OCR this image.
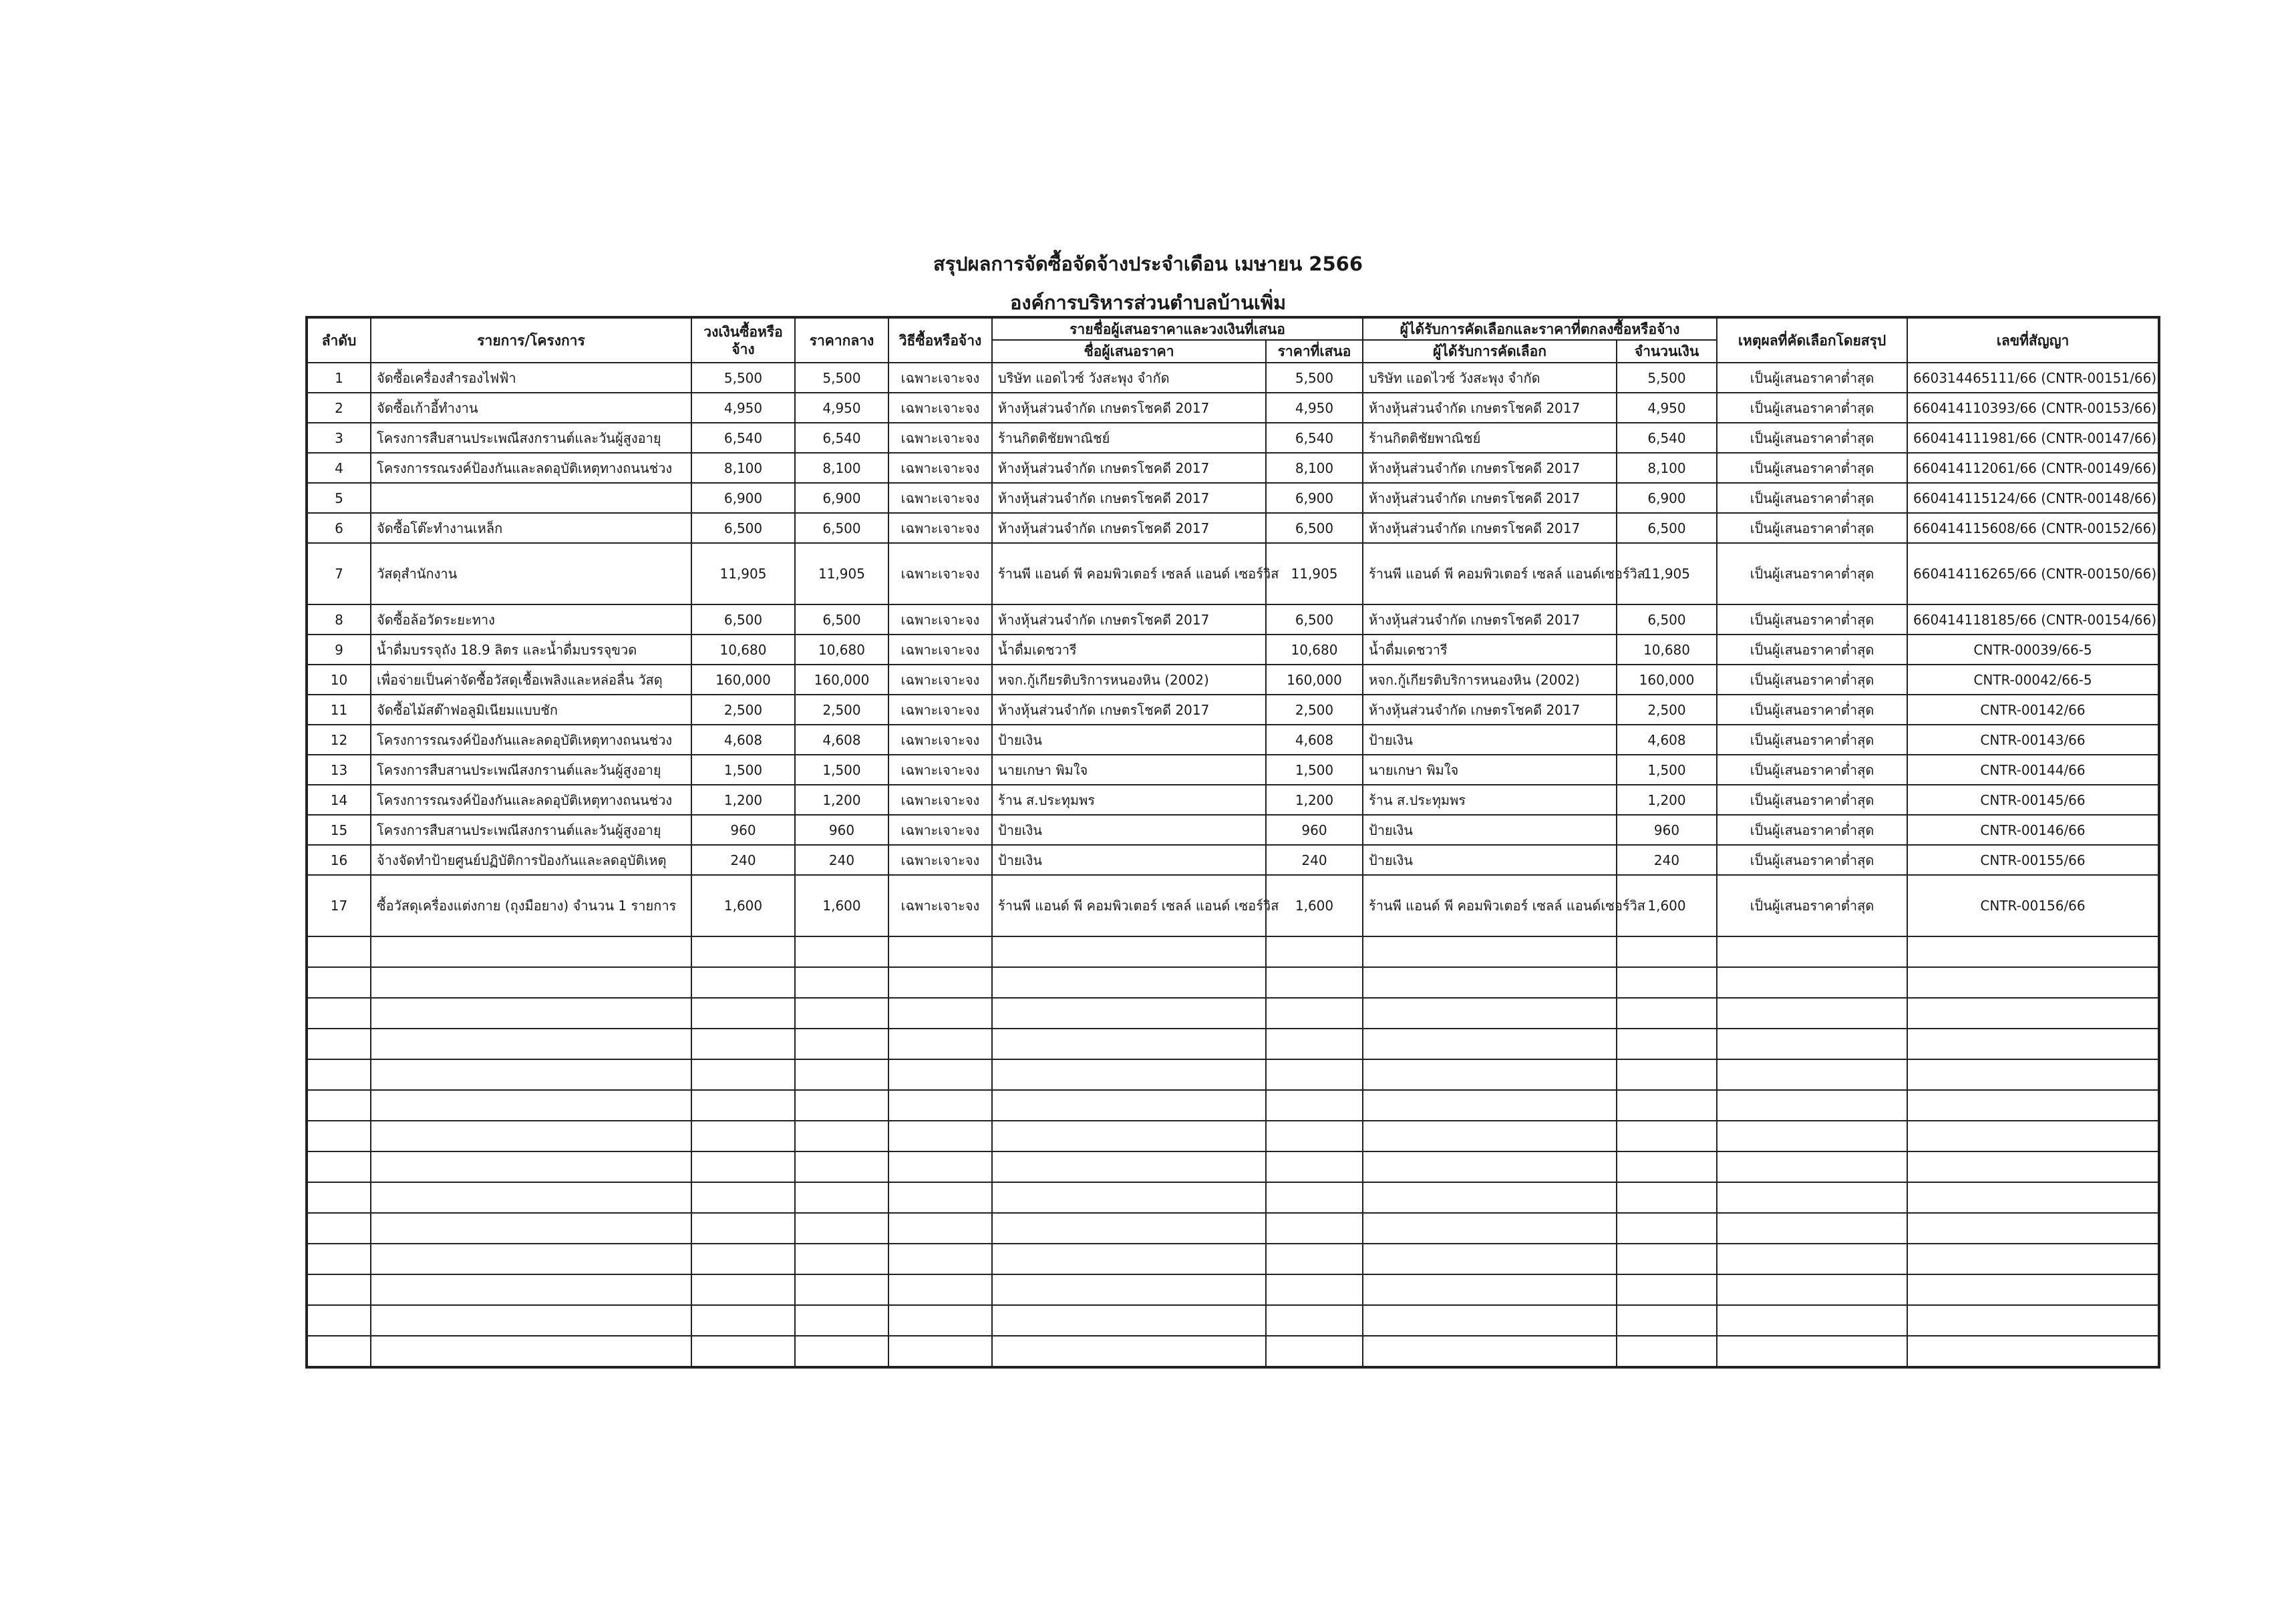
สรุปผลการจัดซื้อจัดจ้างประจำเดือน เมษายน 2566
องค์การบริหารส่วนตำบลบ้านเพิ่ม
ลำดับ	รายการ/โครงการ	วงเงินซื้อหรือจ้าง	ราคากลาง	วิธีซื้อหรือจ้าง	รายชื่อผู้เสนอราคาและวงเงินที่เสนอ		ผู้ได้รับการคัดเลือกและราคาที่ตกลงซื้อหรือจ้าง		เหตุผลที่คัดเลือกโดยสรุป	เลขที่สัญญา
					ชื่อผู้เสนอราคา	ราคาที่เสนอ	ผู้ได้รับการคัดเลือก	จำนวนเงิน		
1	จัดซื้อเครื่องสำรองไฟฟ้า	5,500	5,500	เฉพาะเจาะจง	บริษัท แอดไวซ์ วังสะพุง จำกัด	5,500	บริษัท แอดไวซ์ วังสะพุง จำกัด	5,500	เป็นผู้เสนอราคาต่ำสุด	660314465111/66 (CNTR-00151/66)
2	จัดซื้อเก้าอี้ทำงาน	4,950	4,950	เฉพาะเจาะจง	ห้างหุ้นส่วนจำกัด เกษตรโชคดี 2017	4,950	ห้างหุ้นส่วนจำกัด เกษตรโชคดี 2017	4,950	เป็นผู้เสนอราคาต่ำสุด	660414110393/66 (CNTR-00153/66)
3	โครงการสืบสานประเพณีสงกรานต์และวันผู้สูงอายุ	6,540	6,540	เฉพาะเจาะจง	ร้านกิตติชัยพาณิชย์	6,540	ร้านกิตติชัยพาณิชย์	6,540	เป็นผู้เสนอราคาต่ำสุด	660414111981/66 (CNTR-00147/66)
4	โครงการรณรงค์ป้องกันและลดอุบัติเหตุทางถนนช่วง	8,100	8,100	เฉพาะเจาะจง	ห้างหุ้นส่วนจำกัด เกษตรโชคดี 2017	8,100	ห้างหุ้นส่วนจำกัด เกษตรโชคดี 2017	8,100	เป็นผู้เสนอราคาต่ำสุด	660414112061/66 (CNTR-00149/66)
5		6,900	6,900	เฉพาะเจาะจง	ห้างหุ้นส่วนจำกัด เกษตรโชคดี 2017	6,900	ห้างหุ้นส่วนจำกัด เกษตรโชคดี 2017	6,900	เป็นผู้เสนอราคาต่ำสุด	660414115124/66 (CNTR-00148/66)
6	จัดซื้อโต๊ะทำงานเหล็ก	6,500	6,500	เฉพาะเจาะจง	ห้างหุ้นส่วนจำกัด เกษตรโชคดี 2017	6,500	ห้างหุ้นส่วนจำกัด เกษตรโชคดี 2017	6,500	เป็นผู้เสนอราคาต่ำสุด	660414115608/66 (CNTR-00152/66)
7	วัสดุสำนักงาน	11,905	11,905	เฉพาะเจาะจง	ร้านพี แอนด์ พี คอมพิวเตอร์ เซลล์ แอนด์ เซอร์วิส	11,905	ร้านพี แอนด์ พี คอมพิวเตอร์ เซลล์ แอนด์เซอร์วิส	11,905	เป็นผู้เสนอราคาต่ำสุด	660414116265/66 (CNTR-00150/66)
8	จัดซื้อล้อวัดระยะทาง	6,500	6,500	เฉพาะเจาะจง	ห้างหุ้นส่วนจำกัด เกษตรโชคดี 2017	6,500	ห้างหุ้นส่วนจำกัด เกษตรโชคดี 2017	6,500	เป็นผู้เสนอราคาต่ำสุด	660414118185/66 (CNTR-00154/66)
9	น้ำดื่มบรรจุถัง 18.9 ลิตร และน้ำดื่มบรรจุขวด	10,680	10,680	เฉพาะเจาะจง	น้ำดื่มเดชวารี	10,680	น้ำดื่มเดชวารี	10,680	เป็นผู้เสนอราคาต่ำสุด	CNTR-00039/66-5
10	เพื่อจ่ายเป็นค่าจัดซื้อวัสดุเชื้อเพลิงและหล่อลื่น วัสดุ	160,000	160,000	เฉพาะเจาะจง	หจก.กู้เกียรติบริการหนองหิน (2002)	160,000	หจก.กู้เกียรติบริการหนองหิน (2002)	160,000	เป็นผู้เสนอราคาต่ำสุด	CNTR-00042/66-5
11	จัดซื้อไม้สต๊าฟอลูมิเนียมแบบชัก	2,500	2,500	เฉพาะเจาะจง	ห้างหุ้นส่วนจำกัด เกษตรโชคดี 2017	2,500	ห้างหุ้นส่วนจำกัด เกษตรโชคดี 2017	2,500	เป็นผู้เสนอราคาต่ำสุด	CNTR-00142/66
12	โครงการรณรงค์ป้องกันและลดอุบัติเหตุทางถนนช่วง	4,608	4,608	เฉพาะเจาะจง	ป้ายเงิน	4,608	ป้ายเงิน	4,608	เป็นผู้เสนอราคาต่ำสุด	CNTR-00143/66
13	โครงการสืบสานประเพณีสงกรานต์และวันผู้สูงอายุ	1,500	1,500	เฉพาะเจาะจง	นายเกษา พิมใจ	1,500	นายเกษา พิมใจ	1,500	เป็นผู้เสนอราคาต่ำสุด	CNTR-00144/66
14	โครงการรณรงค์ป้องกันและลดอุบัติเหตุทางถนนช่วง	1,200	1,200	เฉพาะเจาะจง	ร้าน ส.ประทุมพร	1,200	ร้าน ส.ประทุมพร	1,200	เป็นผู้เสนอราคาต่ำสุด	CNTR-00145/66
15	โครงการสืบสานประเพณีสงกรานต์และวันผู้สูงอายุ	960	960	เฉพาะเจาะจง	ป้ายเงิน	960	ป้ายเงิน	960	เป็นผู้เสนอราคาต่ำสุด	CNTR-00146/66
16	จ้างจัดทำป้ายศูนย์ปฏิบัติการป้องกันและลดอุบัติเหตุ	240	240	เฉพาะเจาะจง	ป้ายเงิน	240	ป้ายเงิน	240	เป็นผู้เสนอราคาต่ำสุด	CNTR-00155/66
17	ซื้อวัสดุเครื่องแต่งกาย (ถุงมือยาง) จำนวน 1 รายการ	1,600	1,600	เฉพาะเจาะจง	ร้านพี แอนด์ พี คอมพิวเตอร์ เซลล์ แอนด์ เซอร์วิส	1,600	ร้านพี แอนด์ พี คอมพิวเตอร์ เซลล์ แอนด์เซอร์วิส	1,600	เป็นผู้เสนอราคาต่ำสุด	CNTR-00156/66
